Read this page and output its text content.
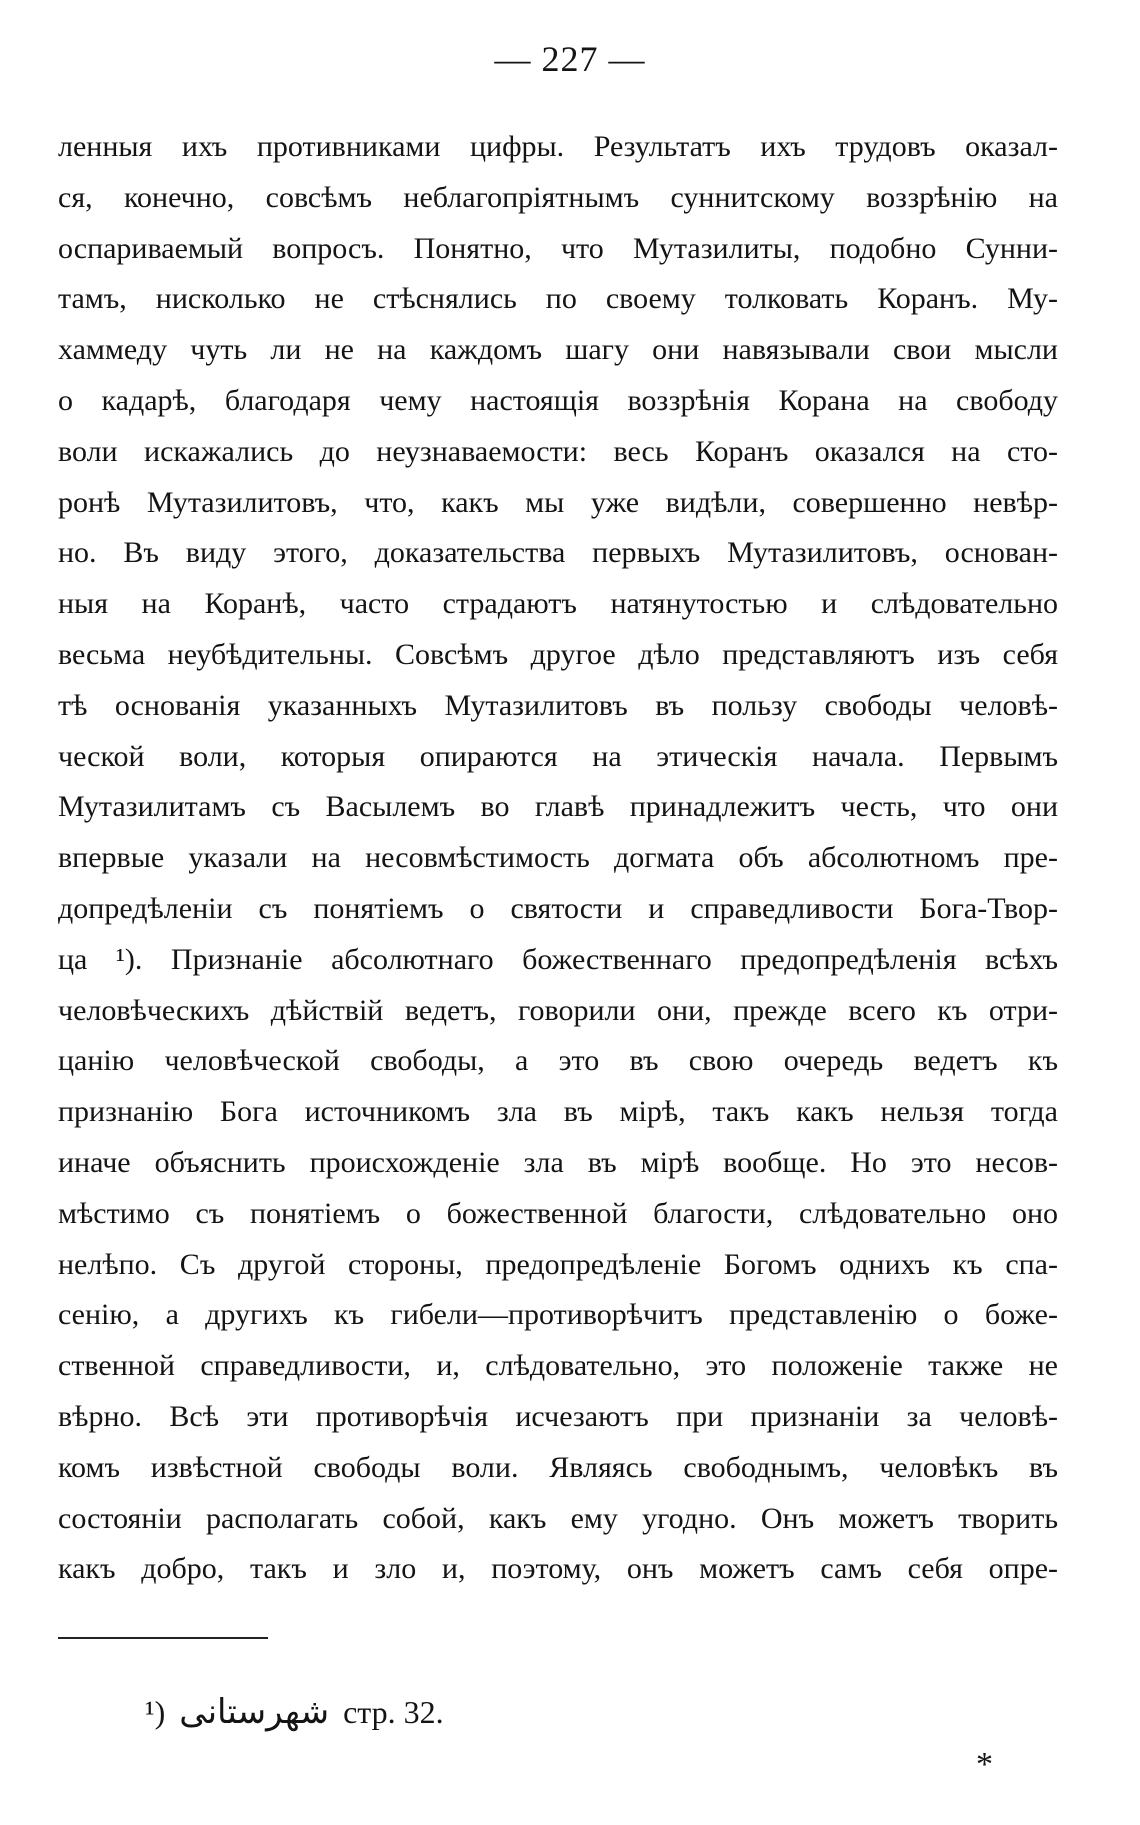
— 227 —
ленныя ихъ противниками цифры. Результатъ ихъ трудовъ оказал-
ся, конечно, совсѣмъ неблагопріятнымъ суннитскому воззрѣнію на
оспариваемый вопросъ. Понятно, что Мутазилиты, подобно Сунни-
тамъ, нисколько не стѣснялись по своему толковать Коранъ. Му-
хаммеду чуть ли не на каждомъ шагу они навязывали свои мысли
о кадарѣ, благодаря чему настоящія воззрѣнія Корана на свободу
воли искажались до неузнаваемости: весь Коранъ оказался на сто-
ронѣ Мутазилитовъ, что, какъ мы уже видѣли, совершенно невѣр-
но. Въ виду этого, доказательства первыхъ Мутазилитовъ, основан-
ныя на Коранѣ, часто страдаютъ натянутостью и слѣдовательно
весьма неубѣдительны. Совсѣмъ другое дѣло представляютъ изъ себя
тѣ основанія указанныхъ Мутазилитовъ въ пользу свободы человѣ-
ческой воли, которыя опираются на этическія начала. Первымъ
Мутазилитамъ съ Васылемъ во главѣ принадлежитъ честь, что они
впервые указали на несовмѣстимость догмата объ абсолютномъ пре-
допредѣленіи съ понятіемъ о святости и справедливости Бога-Твор-
ца ¹). Признаніе абсолютнаго божественнаго предопредѣленія всѣхъ
человѣческихъ дѣйствій ведетъ, говорили они, прежде всего къ отри-
цанію человѣческой свободы, а это въ свою очередь ведетъ къ
признанію Бога источникомъ зла въ мірѣ, такъ какъ нельзя тогда
иначе объяснить происхожденіе зла въ мірѣ вообще. Но это несов-
мѣстимо съ понятіемъ о божественной благости, слѣдовательно оно
нелѣпо. Съ другой стороны, предопредѣленіе Богомъ однихъ къ спа-
сенію, а другихъ къ гибели—противорѣчитъ представленію о боже-
ственной справедливости, и, слѣдовательно, это положеніе также не
вѣрно. Всѣ эти противорѣчія исчезаютъ при признаніи за человѣ-
комъ извѣстной свободы воли. Являясь свободнымъ, человѣкъ въ
состояніи располагать собой, какъ ему угодно. Онъ можетъ творить
какъ добро, такъ и зло и, поэтому, онъ можетъ самъ себя опре-
¹) شهرستانی стр. 32.
*
